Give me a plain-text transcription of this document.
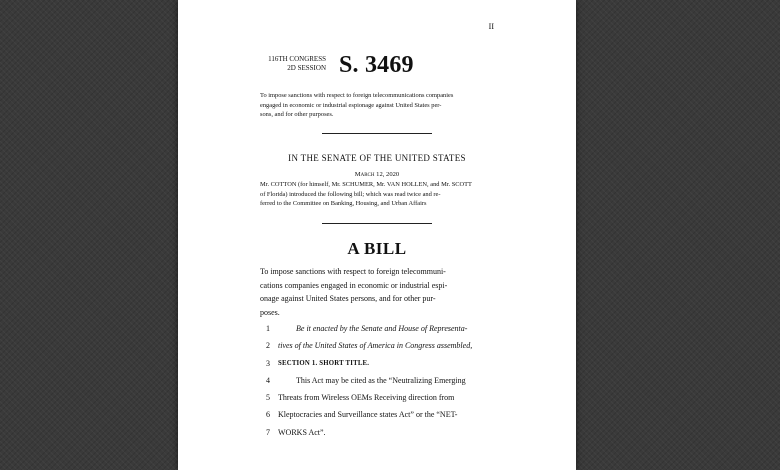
II
116TH CONGRESS
2D SESSION S. 3469
To impose sanctions with respect to foreign telecommunications companies
engaged in economic or industrial espionage against United States per-
sons, and for other purposes.
IN THE SENATE OF THE UNITED STATES
March 12, 2020
Mr. COTTON (for himself, Mr. SCHUMER, Mr. VAN HOLLEN, and Mr. SCOTT
of Florida) introduced the following bill; which was read twice and re-
ferred to the Committee on Banking, Housing, and Urban Affairs
A BILL
To impose sanctions with respect to foreign telecommuni-
cations companies engaged in economic or industrial espi-
onage against United States persons, and for other pur-
poses.
1	Be it enacted by the Senate and House of Representa-
2 tives of the United States of America in Congress assembled,
3 SECTION 1. SHORT TITLE.
4	This Act may be cited as the “Neutralizing Emerging
5 Threats from Wireless OEMs Receiving direction from
6 Kleptocracies and Surveillance states Act” or the “NET-
7 WORKS Act”.
